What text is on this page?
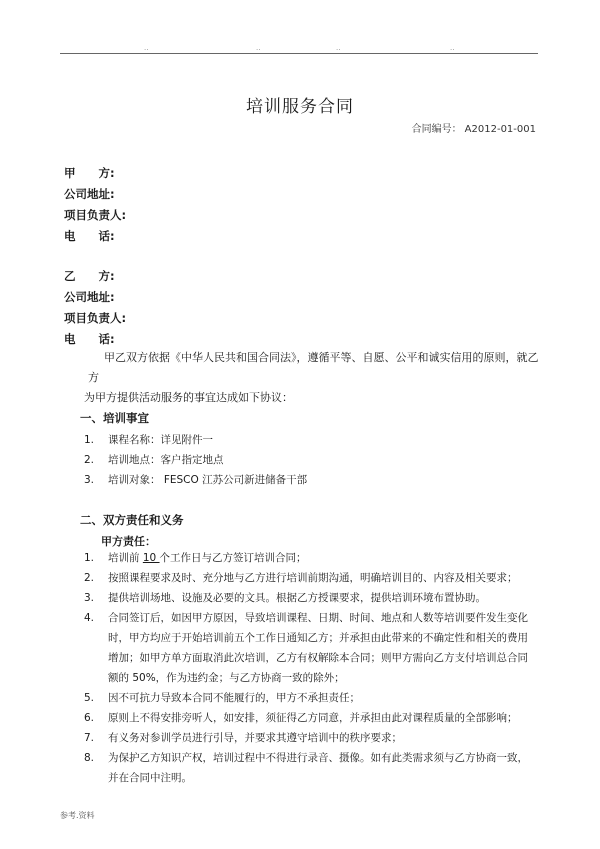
..	..	..	..
培训服务合同
合同编号： A2012-01-001
甲　　方:
公司地址:
项目负责人:
电　　话:
乙　　方:
公司地址:
项目负责人:
电　　话:

甲乙双方依据《中华人民共和国合同法》，遵循平等、自愿、公平和诚实信用的原则，就乙方

为甲方提供活动服务的事宜达成如下协议：

一、培训事宜
1. 课程名称：详见附件一
2. 培训地点：客户指定地点
3. 培训对象： FESCO 江苏公司新进储备干部
二、双方责任和义务
甲方责任：
1. 培训前 10 个工作日与乙方签订培训合同；
2. 按照课程要求及时、充分地与乙方进行培训前期沟通，明确培训目的、内容及相关要求；
3. 提供培训场地、设施及必要的文具。根据乙方授课要求，提供培训环境布置协助。
4. 合同签订后，如因甲方原因，导致培训课程、日期、时间、地点和人数等培训要件发生变化
时，甲方均应于开始培训前五个工作日通知乙方；并承担由此带来的不确定性和相关的费用
增加；如甲方单方面取消此次培训，乙方有权解除本合同；则甲方需向乙方支付培训总合同
额的 50%，作为违约金；与乙方协商一致的除外；
5. 因不可抗力导致本合同不能履行的，甲方不承担责任；
6. 原则上不得安排旁听人，如安排，须征得乙方同意，并承担由此对课程质量的全部影响；
7. 有义务对参训学员进行引导，并要求其遵守培训中的秩序要求；
8. 为保护乙方知识产权，培训过程中不得进行录音、摄像。如有此类需求须与乙方协商一致，
并在合同中注明。
参考.资料
